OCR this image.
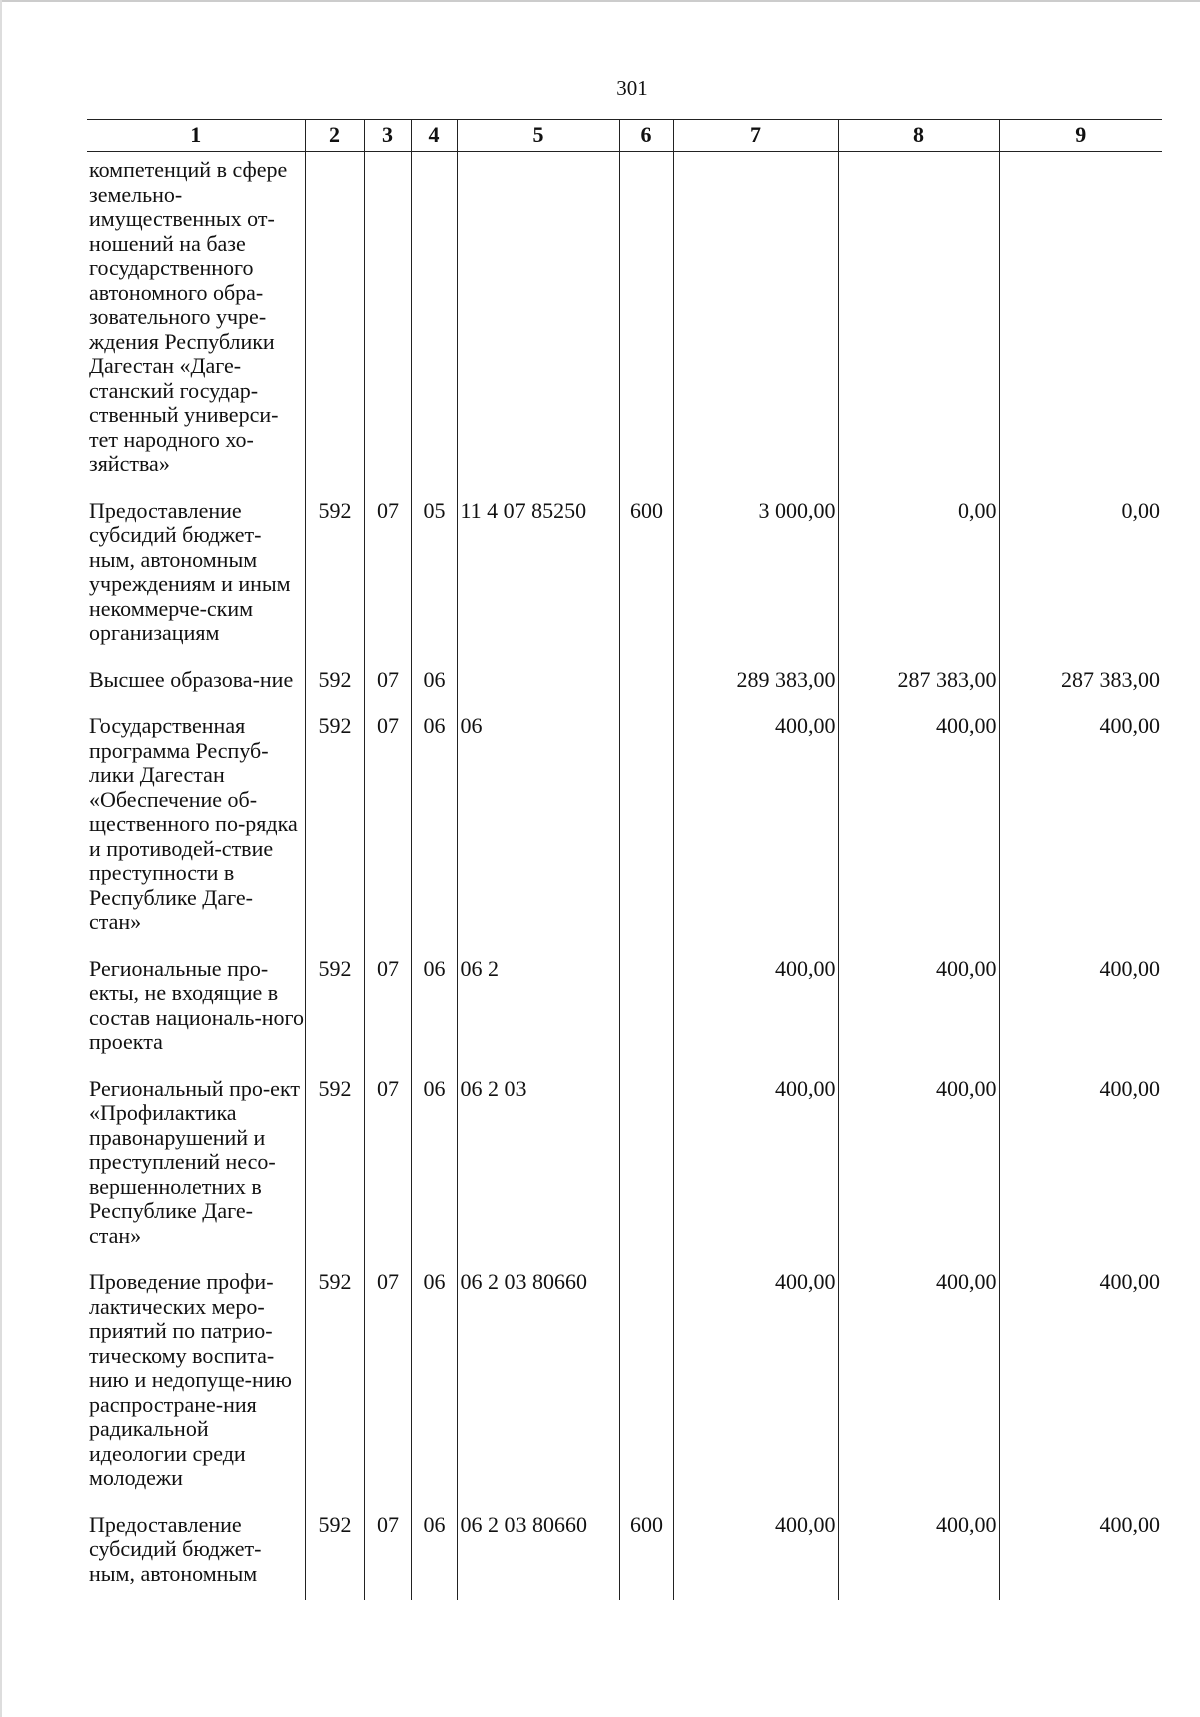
301
1	2	3	4	5	6	7	8	9
компетенций в сфере земельно-имущественных от-ношений на базе государственного автономного обра-зовательного учре-ждения Республики Дагестан «Даге-станский государ-ственный универси-тет народного хо-зяйства»								
Предоставление субсидий бюджет-ным, автономным учреждениям и иным некоммерче-ским организациям	592	07	05	11 4 07 85250	600	3 000,00	0,00	0,00
Высшее образова-ние	592	07	06			289 383,00	287 383,00	287 383,00
Государственная программа Респуб-лики Дагестан «Обеспечение об-щественного по-рядка и противодей-ствие преступности в Республике Даге-стан»	592	07	06	06		400,00	400,00	400,00
Региональные про-екты, не входящие в состав националь-ного проекта	592	07	06	06 2		400,00	400,00	400,00
Региональный про-ект «Профилактика правонарушений и преступлений несо-вершеннолетних в Республике Даге-стан»	592	07	06	06 2 03		400,00	400,00	400,00
Проведение профи-лактических меро-приятий по патрио-тическому воспита-нию и недопуще-нию распростране-ния радикальной идеологии среди молодежи	592	07	06	06 2 03 80660		400,00	400,00	400,00
Предоставление субсидий бюджет-ным, автономным	592	07	06	06 2 03 80660	600	400,00	400,00	400,00
